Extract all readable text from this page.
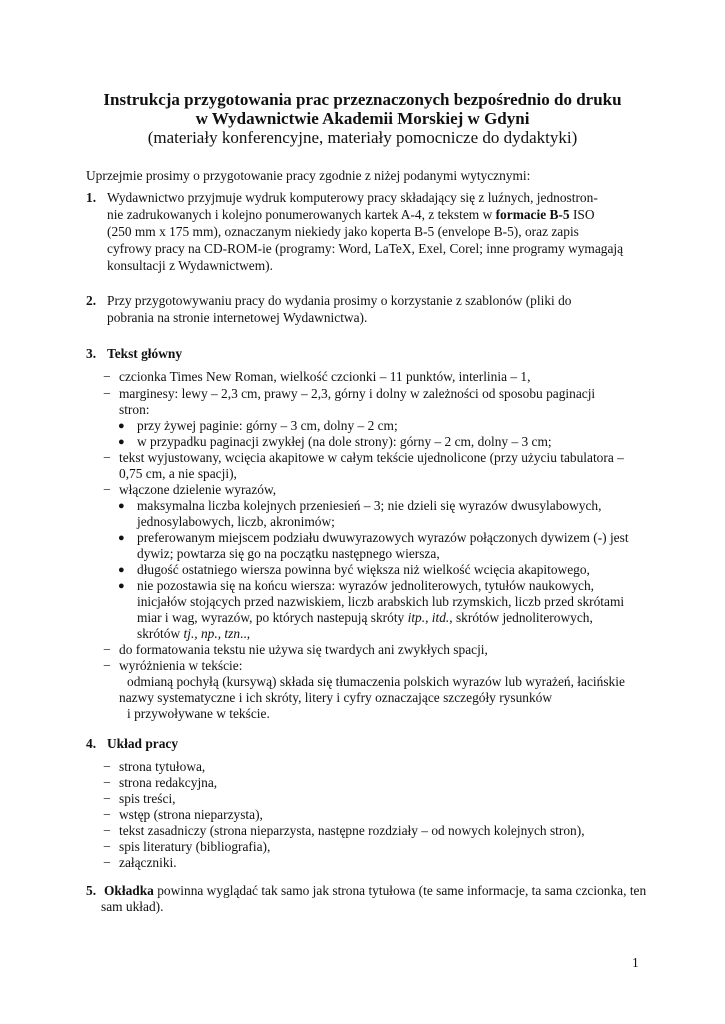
Instrukcja przygotowania prac przeznaczonych bezpośrednio do druku
w Wydawnictwie Akademii Morskiej w Gdyni
(materiały konferencyjne, materiały pomocnicze do dydaktyki)
Uprzejmie prosimy o przygotowanie pracy zgodnie z niżej podanymi wytycznymi:
1. Wydawnictwo przyjmuje wydruk komputerowy pracy składający się z luźnych, jednostron-
nie zadrukowanych i kolejno ponumerowanych kartek A-4, z tekstem w formacie B-5 ISO
(250 mm x 175 mm), oznaczanym niekiedy jako koperta B-5 (envelope B-5), oraz zapis
cyfrowy pracy na CD-ROM-ie (programy: Word, LaTeX, Exel, Corel; inne programy wymagają
konsultacji z Wydawnictwem).
2. Przy przygotowywaniu pracy do wydania prosimy o korzystanie z szablonów (pliki do
pobrania na stronie internetowej Wydawnictwa).
3. Tekst główny
− czcionka Times New Roman, wielkość czcionki – 11 punktów, interlinia – 1,
− marginesy: lewy – 2,3 cm, prawy – 2,3, górny i dolny w zależności od sposobu paginacji
stron:
● przy żywej paginie: górny – 3 cm, dolny – 2 cm;
● w przypadku paginacji zwykłej (na dole strony): górny – 2 cm, dolny – 3 cm;
− tekst wyjustowany, wcięcia akapitowe w całym tekście ujednolicone (przy użyciu tabulatora –
0,75 cm, a nie spacji),
− włączone dzielenie wyrazów,
● maksymalna liczba kolejnych przeniesień – 3; nie dzieli się wyrazów dwusylabowych,
jednosylabowych, liczb, akronimów;
● preferowanym miejscem podziału dwuwyrazowych wyrazów połączonych dywizem (-) jest
dywiz; powtarza się go na początku następnego wiersza,
● długość ostatniego wiersza powinna być większa niż wielkość wcięcia akapitowego,
● nie pozostawia się na końcu wiersza: wyrazów jednoliterowych, tytułów naukowych,
inicjałów stojących przed nazwiskiem, liczb arabskich lub rzymskich, liczb przed skrótami
miar i wag, wyrazów, po których nastepują skróty itp., itd., skrótów jednoliterowych,
skrótów tj., np., tzn..,
− do formatowania tekstu nie używa się twardych ani zwykłych spacji,
− wyróżnienia w tekście:
odmianą pochyłą (kursywą) składa się tłumaczenia polskich wyrazów lub wyrażeń, łacińskie
nazwy systematyczne i ich skróty, litery i cyfry oznaczające szczegóły rysunków
i przywoływane w tekście.
4. Układ pracy
− strona tytułowa,
− strona redakcyjna,
− spis treści,
− wstęp (strona nieparzysta),
− tekst zasadniczy (strona nieparzysta, następne rozdziały – od nowych kolejnych stron),
− spis literatury (bibliografia),
− załączniki.
5. Okładka powinna wyglądać tak samo jak strona tytułowa (te same informacje, ta sama czcionka, ten
sam układ).
1
